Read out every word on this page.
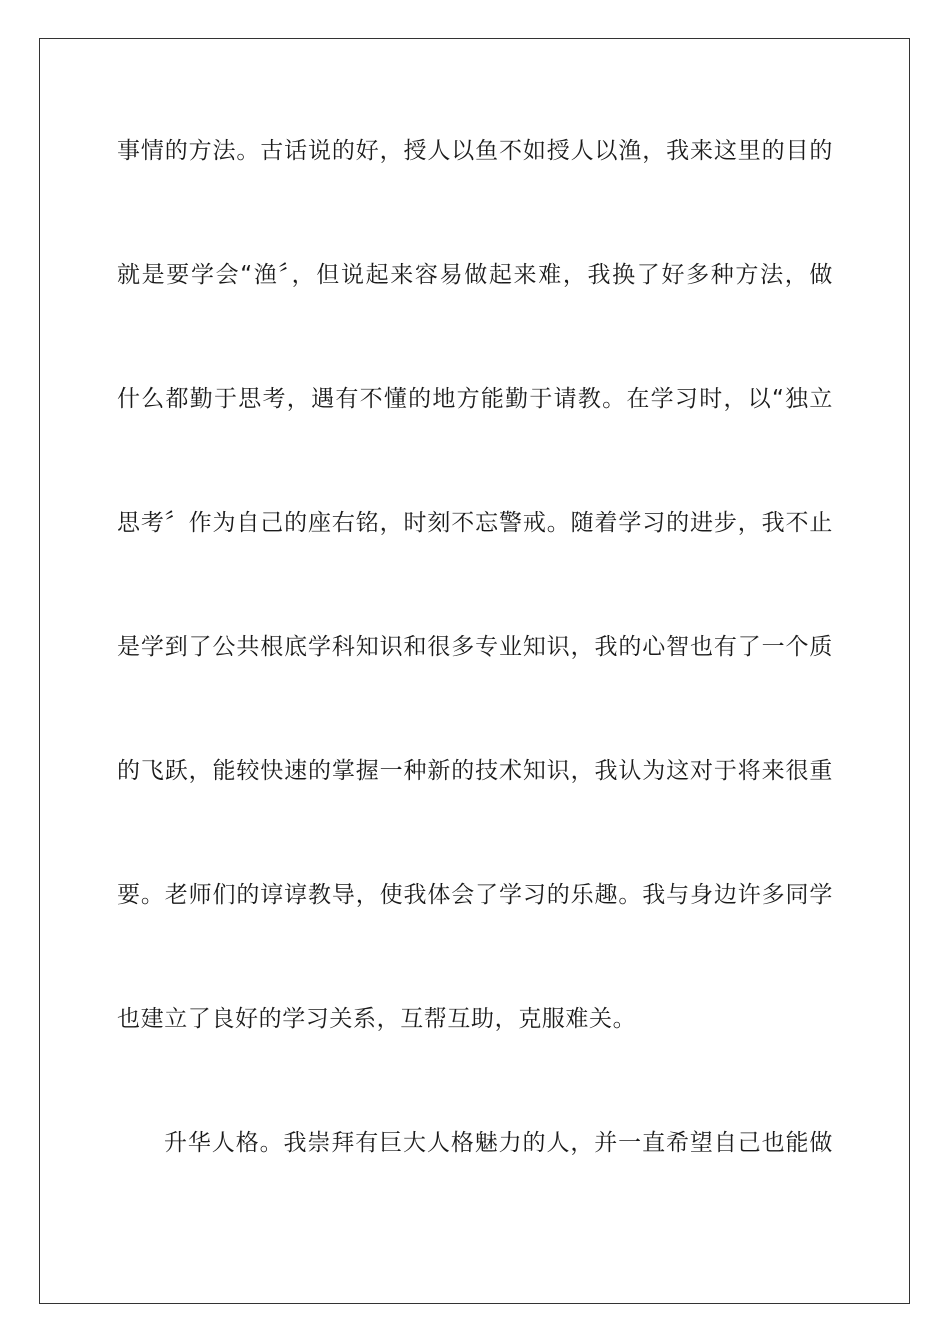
事情的方法。古话说的好，授人以鱼不如授人以渔，我来这里的目的
就是要学会“渔〞，但说起来容易做起来难，我换了好多种方法，做
什么都勤于思考，遇有不懂的地方能勤于请教。在学习时，以“独立
思考〞作为自己的座右铭，时刻不忘警戒。随着学习的进步，我不止
是学到了公共根底学科知识和很多专业知识，我的心智也有了一个质
的飞跃，能较快速的掌握一种新的技术知识，我认为这对于将来很重
要。老师们的谆谆教导，使我体会了学习的乐趣。我与身边许多同学
也建立了良好的学习关系，互帮互助，克服难关。
升华人格。我崇拜有巨大人格魅力的人，并一直希望自己也能做
